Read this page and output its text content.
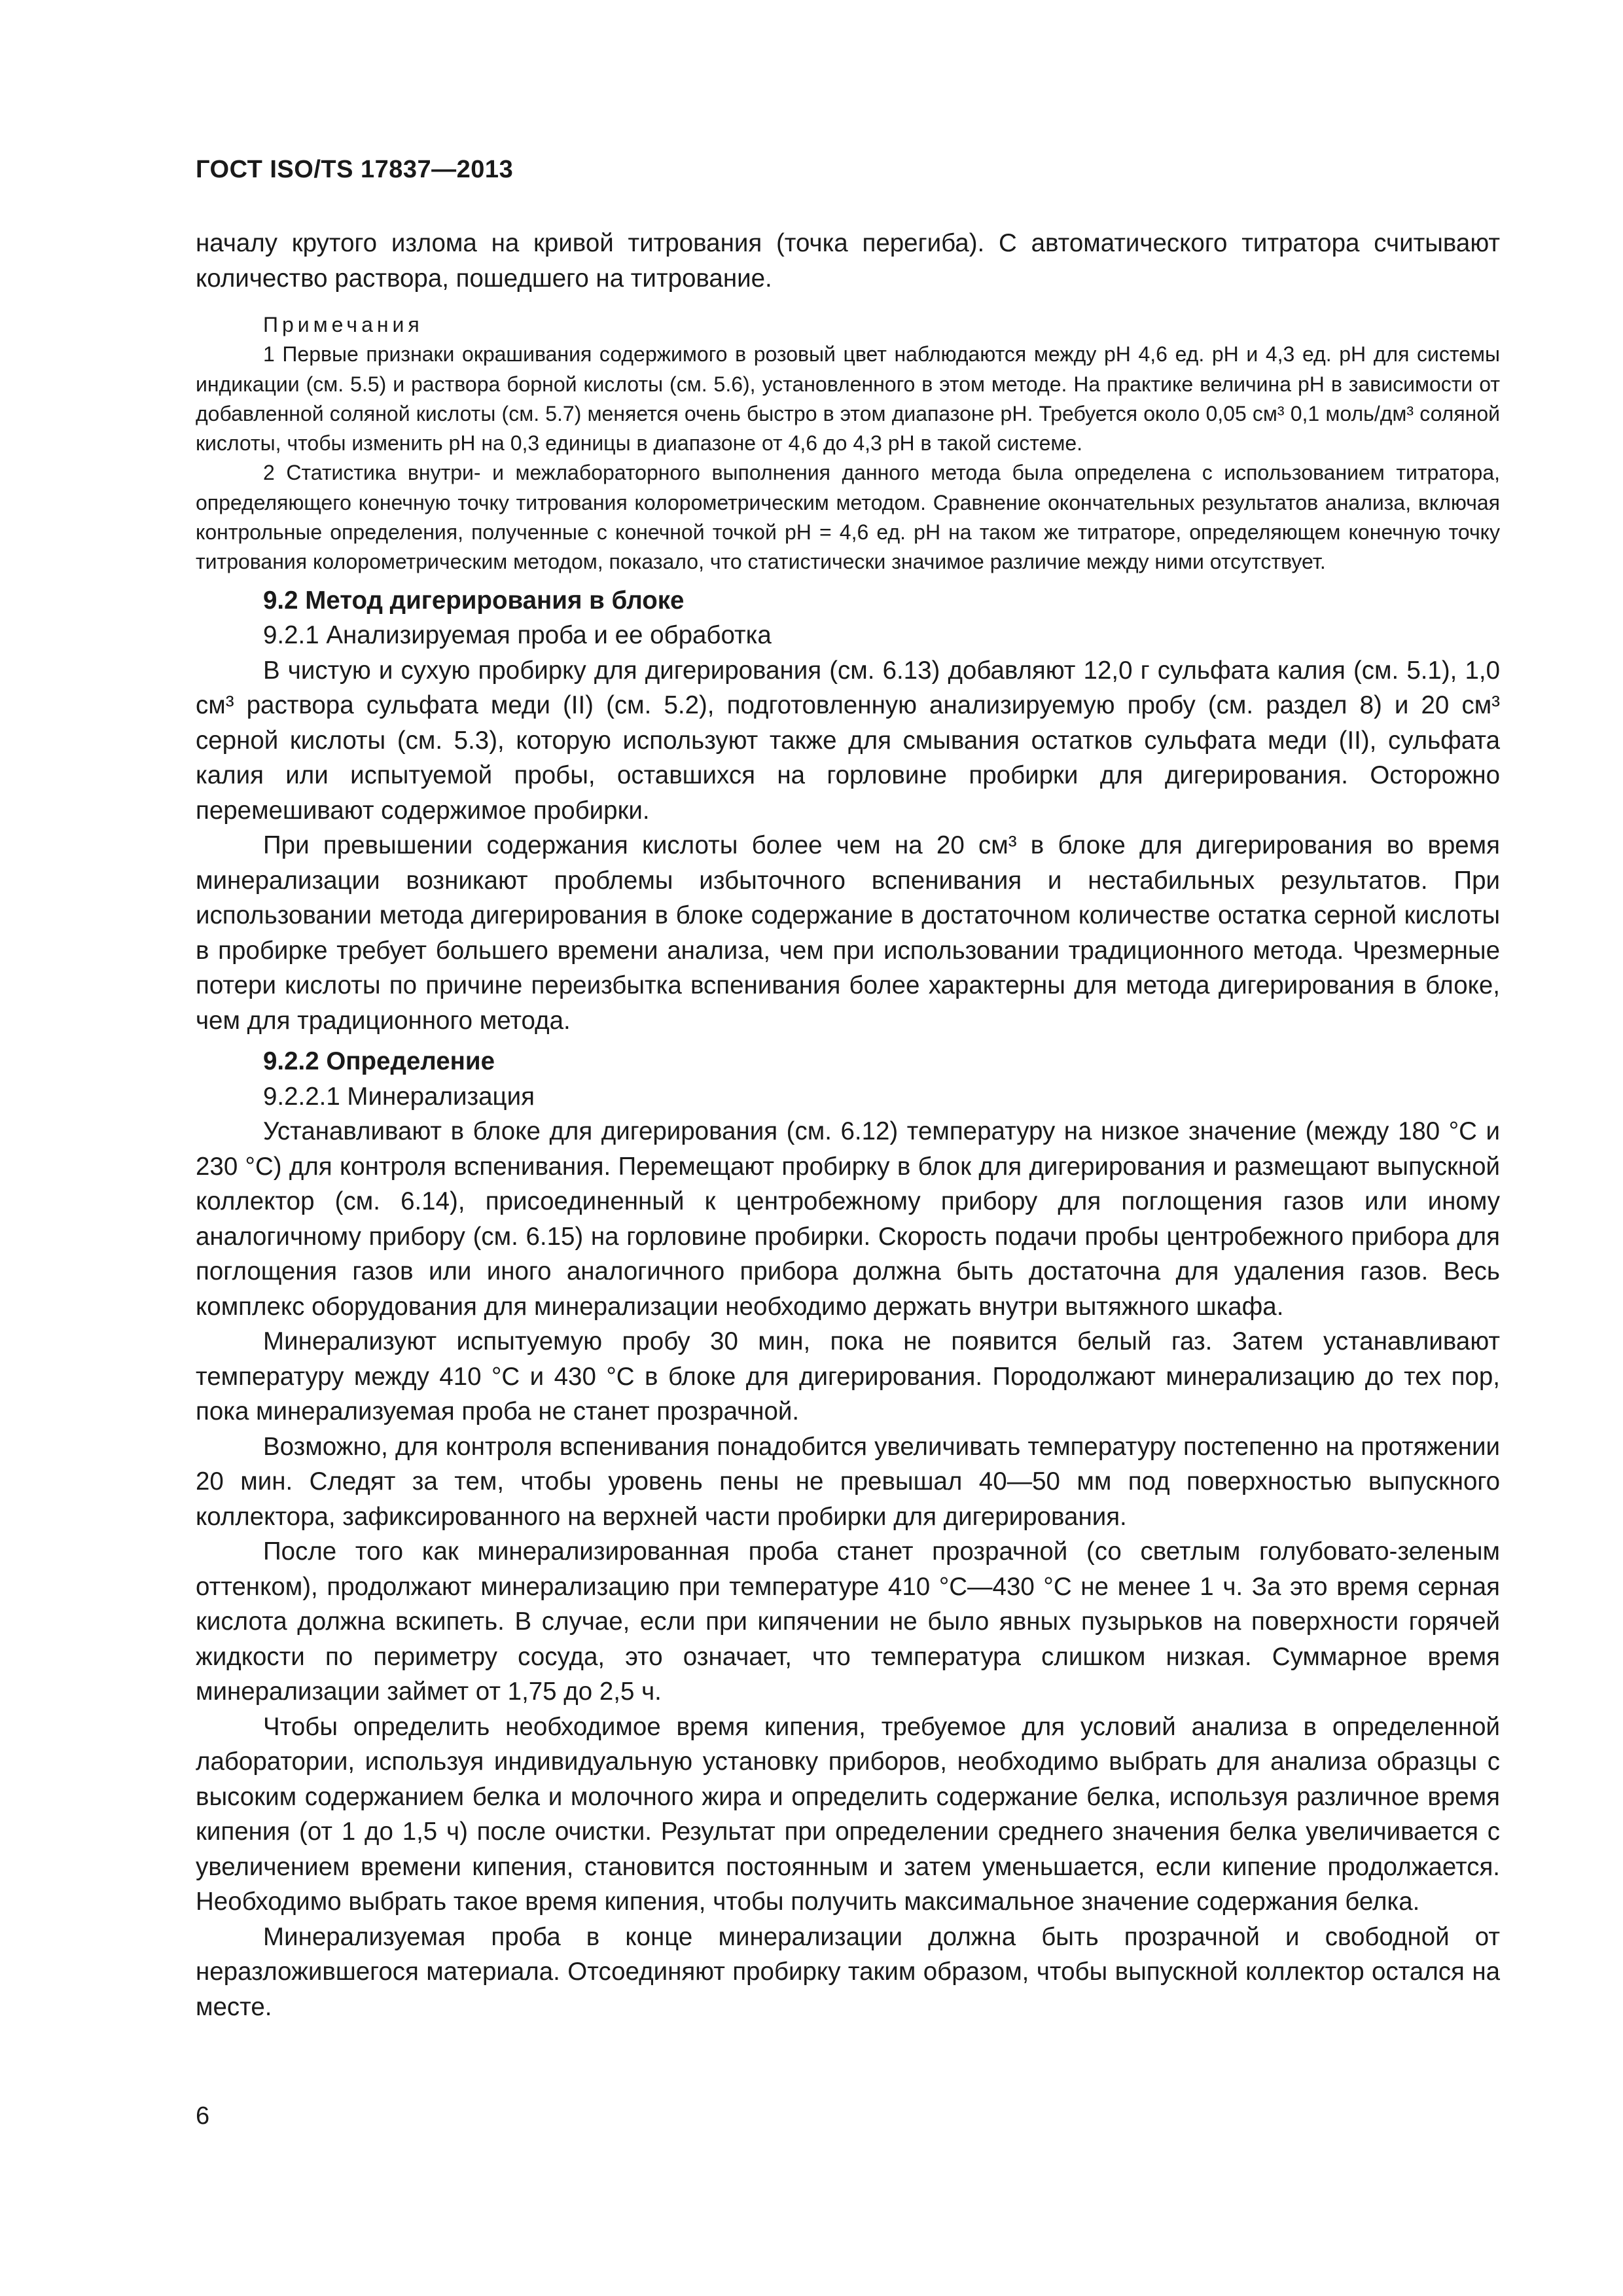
ГОСТ ISO/TS 17837—2013

началу крутого излома на кривой титрования (точка перегиба). С автоматического титратора считывают количество раствора, пошедшего на титрование.

Примечания

1 Первые признаки окрашивания содержимого в розовый цвет наблюдаются между pH 4,6 ед. pH и 4,3 ед. pH для системы индикации (см. 5.5) и раствора борной кислоты (см. 5.6), установленного в этом методе. На практике величина pH в зависимости от добавленной соляной кислоты (см. 5.7) меняется очень быстро в этом диапазоне pH. Требуется около 0,05 см³ 0,1 моль/дм³ соляной кислоты, чтобы изменить pH на 0,3 единицы в диапазоне от 4,6 до 4,3 pH в такой системе.

2 Статистика внутри- и межлабораторного выполнения данного метода была определена с использованием титратора, определяющего конечную точку титрования колорометрическим методом. Сравнение окончательных результатов анализа, включая контрольные определения, полученные с конечной точкой pH = 4,6 ед. pH на таком же титраторе, определяющем конечную точку титрования колорометрическим методом, показало, что статистически значимое различие между ними отсутствует.

9.2 Метод дигерирования в блоке
9.2.1 Анализируемая проба и ее обработка

В чистую и сухую пробирку для дигерирования (см. 6.13) добавляют 12,0 г сульфата калия (см. 5.1), 1,0 см³ раствора сульфата меди (II) (см. 5.2), подготовленную анализируемую пробу (см. раздел 8) и 20 см³ серной кислоты (см. 5.3), которую используют также для смывания остатков сульфата меди (II), сульфата калия или испытуемой пробы, оставшихся на горловине пробирки для дигерирования. Осторожно перемешивают содержимое пробирки.

При превышении содержания кислоты более чем на 20 см³ в блоке для дигерирования во время минерализации возникают проблемы избыточного вспенивания и нестабильных результатов. При использовании метода дигерирования в блоке содержание в достаточном количестве остатка серной кислоты в пробирке требует большего времени анализа, чем при использовании традиционного метода. Чрезмерные потери кислоты по причине переизбытка вспенивания более характерны для метода дигерирования в блоке, чем для традиционного метода.

9.2.2 Определение
9.2.2.1 Минерализация

Устанавливают в блоке для дигерирования (см. 6.12) температуру на низкое значение (между 180 °С и 230 °С) для контроля вспенивания. Перемещают пробирку в блок для дигерирования и размещают выпускной коллектор (см. 6.14), присоединенный к центробежному прибору для поглощения газов или иному аналогичному прибору (см. 6.15) на горловине пробирки. Скорость подачи пробы центробежного прибора для поглощения газов или иного аналогичного прибора должна быть достаточна для удаления газов. Весь комплекс оборудования для минерализации необходимо держать внутри вытяжного шкафа.

Минерализуют испытуемую пробу 30 мин, пока не появится белый газ. Затем устанавливают температуру между 410 °С и 430 °С в блоке для дигерирования. Породолжают минерализацию до тех пор, пока минерализуемая проба не станет прозрачной.

Возможно, для контроля вспенивания понадобится увеличивать температуру постепенно на протяжении 20 мин. Следят за тем, чтобы уровень пены не превышал 40—50 мм под поверхностью выпускного коллектора, зафиксированного на верхней части пробирки для дигерирования.

После того как минерализированная проба станет прозрачной (со светлым голубовато-зеленым оттенком), продолжают минерализацию при температуре 410 °С—430 °С не менее 1 ч. За это время серная кислота должна вскипеть. В случае, если при кипячении не было явных пузырьков на поверхности горячей жидкости по периметру сосуда, это означает, что температура слишком низкая. Суммарное время минерализации займет от 1,75 до 2,5 ч.

Чтобы определить необходимое время кипения, требуемое для условий анализа в определенной лаборатории, используя индивидуальную установку приборов, необходимо выбрать для анализа образцы с высоким содержанием белка и молочного жира и определить содержание белка, используя различное время кипения (от 1 до 1,5 ч) после очистки. Результат при определении среднего значения белка увеличивается с увеличением времени кипения, становится постоянным и затем уменьшается, если кипение продолжается. Необходимо выбрать такое время кипения, чтобы получить максимальное значение содержания белка.

Минерализуемая проба в конце минерализации должна быть прозрачной и свободной от неразложившегося материала. Отсоединяют пробирку таким образом, чтобы выпускной коллектор остался на месте.

6
